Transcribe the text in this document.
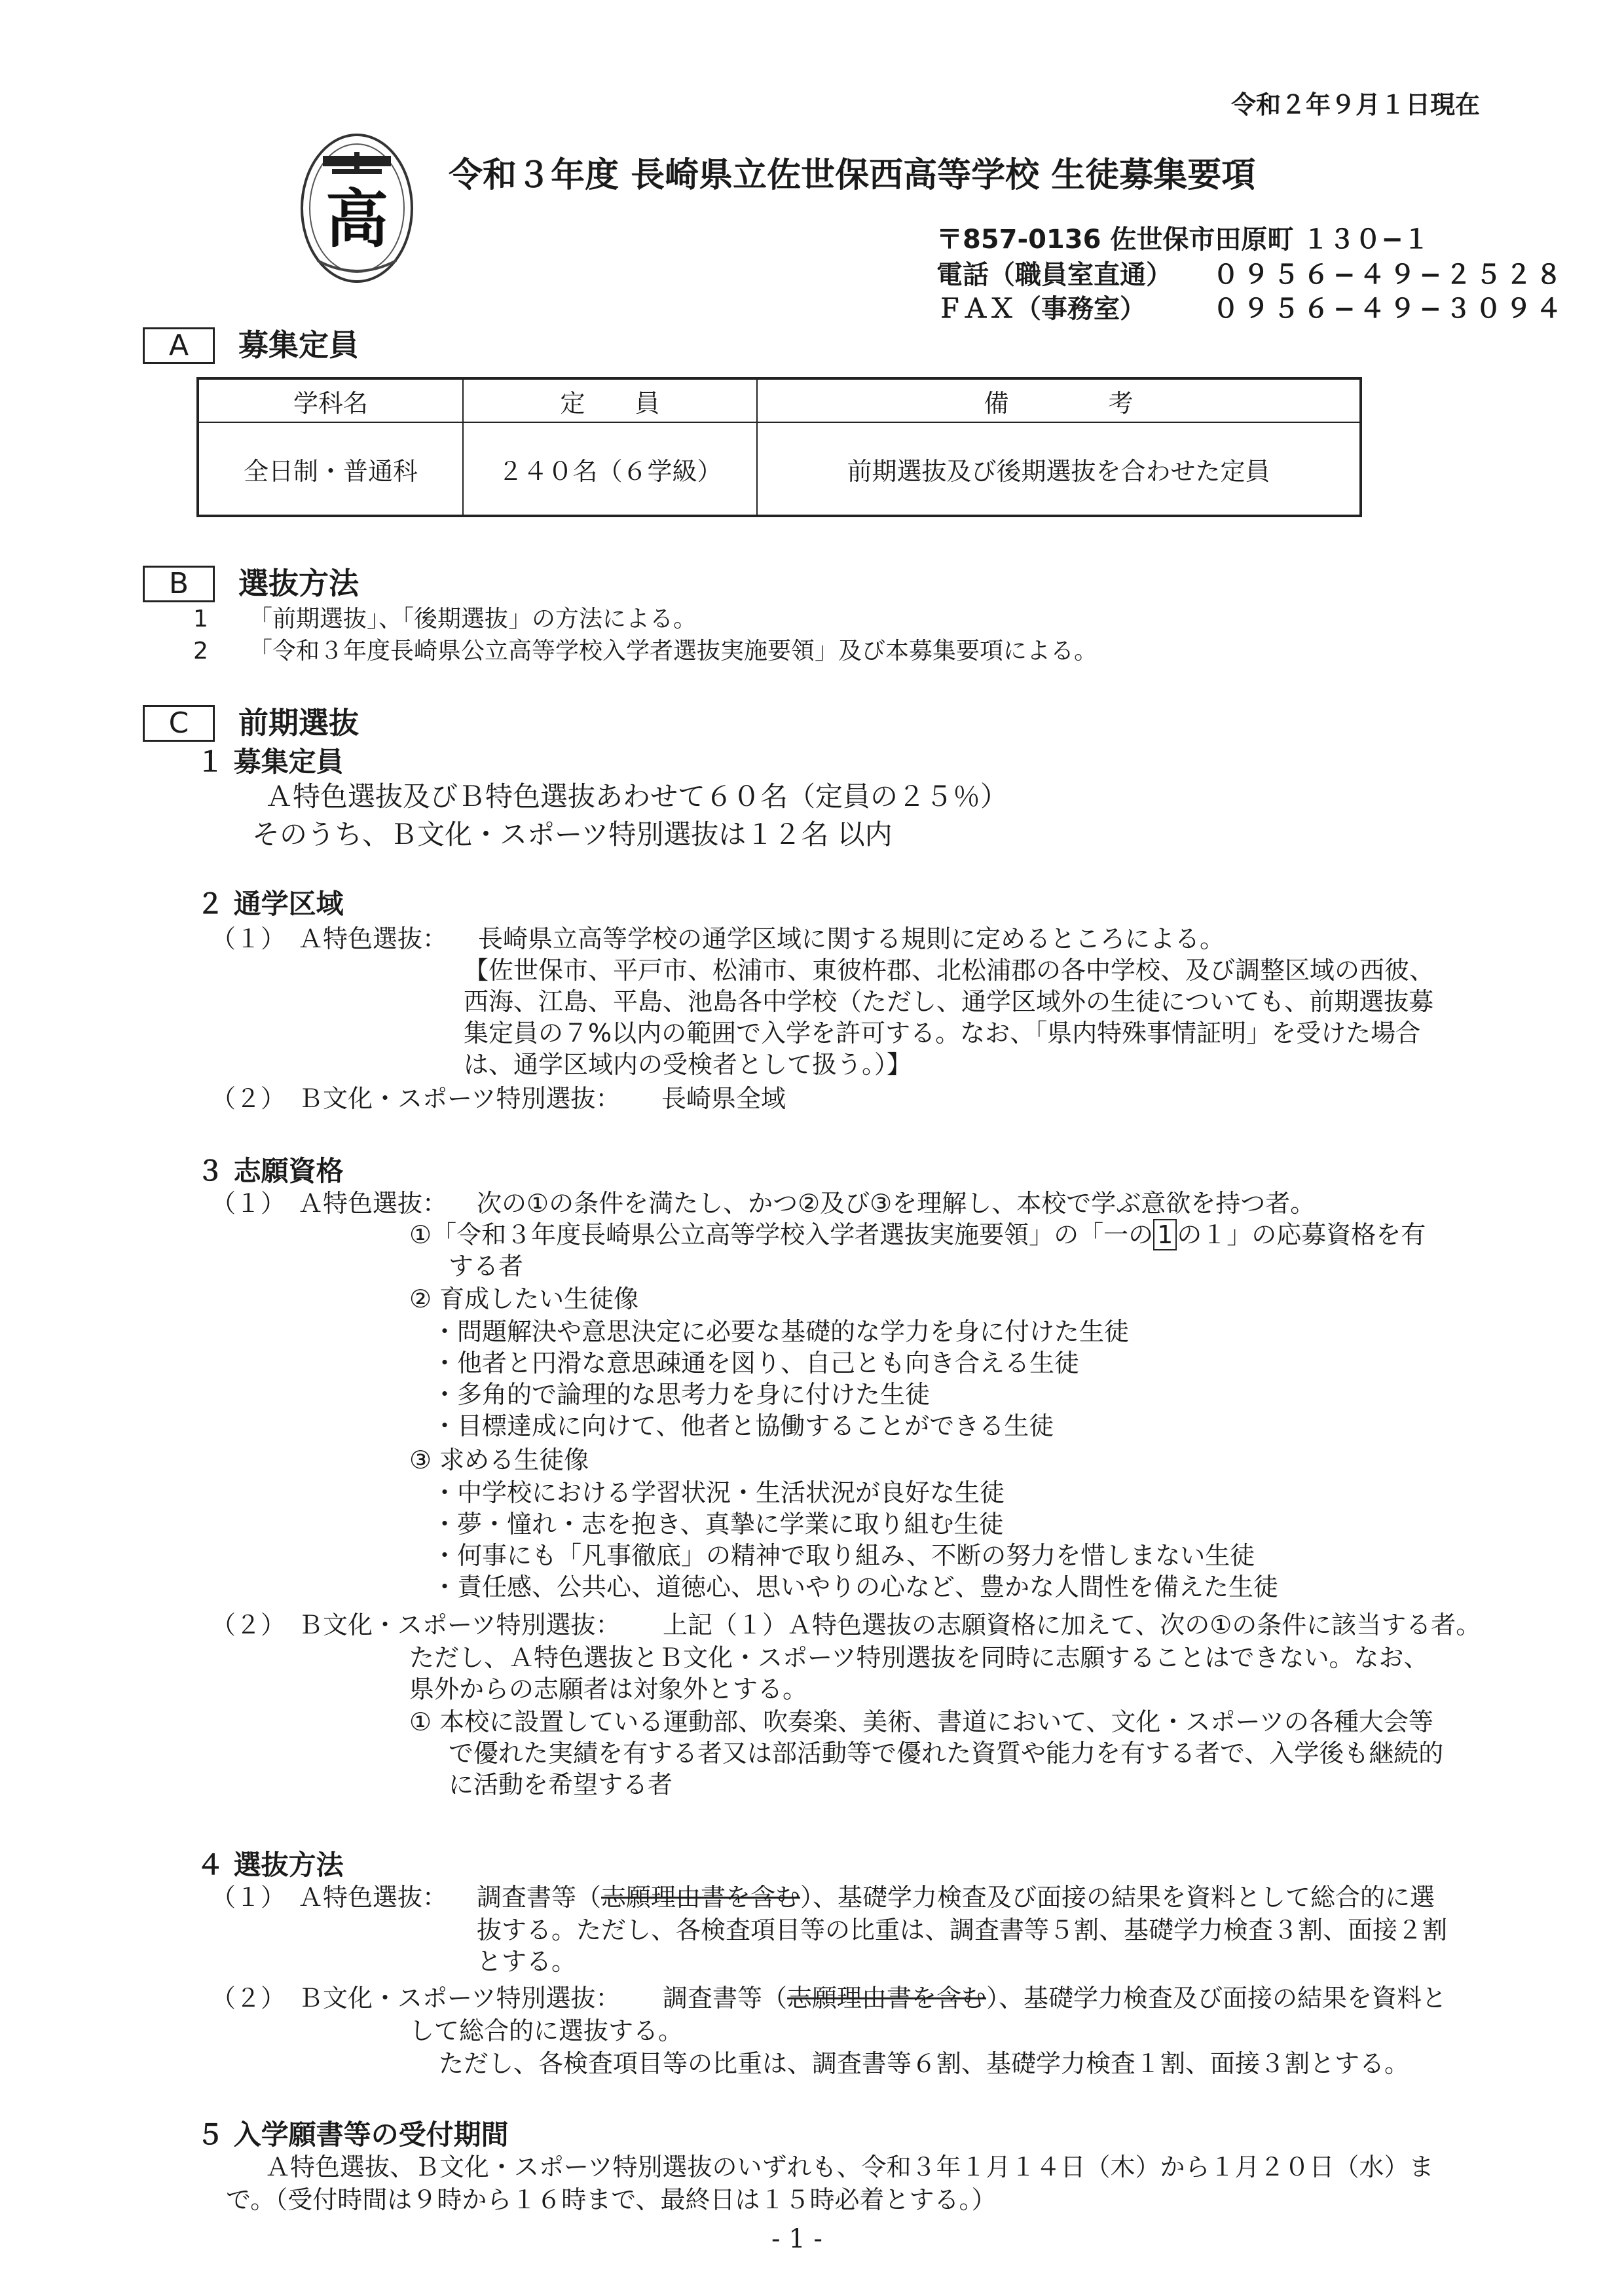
令和２年９月１日現在
高
令和３年度 長崎県立佐世保西高等学校 生徒募集要項
〒857-0136 佐世保市田原町 １３０−１
電話（職員室直通） ０９５６−４９−２５２８
ＦＡＸ（事務室）	０９５６−４９−３０９４
A	募集定員
学科名	定　　員	備　　　　考
全日制・普通科	２４０名（６学級）	前期選抜及び後期選抜を合わせた定員
B	選抜方法
1 「前期選抜」、「後期選抜」の方法による。
2 「令和３年度長崎県公立高等学校入学者選抜実施要領」及び本募集要項による。
C	前期選抜
１ 募集定員
Ａ特色選抜及びＢ特色選抜あわせて６０名（定員の２５％）
そのうち、Ｂ文化・スポーツ特別選抜は１２名 以内
２ 通学区域
（１）　Ａ特色選抜： 長崎県立高等学校の通学区域に関する規則に定めるところによる。
【佐世保市、平戸市、松浦市、東彼杵郡、北松浦郡の各中学校、及び調整区域の西彼、
西海、江島、平島、池島各中学校（ただし、通学区域外の生徒についても、前期選抜募
集定員の７%以内の範囲で入学を許可する。なお、「県内特殊事情証明」を受けた場合
は、通学区域内の受検者として扱う。）】
（２）　Ｂ文化・スポーツ特別選抜： 長崎県全域
３ 志願資格
（１）　Ａ特色選抜： 次の①の条件を満たし、かつ②及び③を理解し、本校で学ぶ意欲を持つ者。
①「令和３年度長崎県公立高等学校入学者選抜実施要領」の「一の 1 の１」の応募資格を有
する者
② 育成したい生徒像
・問題解決や意思決定に必要な基礎的な学力を身に付けた生徒
・他者と円滑な意思疎通を図り、自己とも向き合える生徒
・多角的で論理的な思考力を身に付けた生徒
・目標達成に向けて、他者と協働することができる生徒
③ 求める生徒像
・中学校における学習状況・生活状況が良好な生徒
・夢・憧れ・志を抱き、真摯に学業に取り組む生徒
・何事にも「凡事徹底」の精神で取り組み、不断の努力を惜しまない生徒
・責任感、公共心、道徳心、思いやりの心など、豊かな人間性を備えた生徒
（２）　Ｂ文化・スポーツ特別選抜： 上記（１）Ａ特色選抜の志願資格に加えて、次の①の条件に該当する者。
ただし、Ａ特色選抜とＢ文化・スポーツ特別選抜を同時に志願することはできない。なお、
県外からの志願者は対象外とする。
① 本校に設置している運動部、吹奏楽、美術、書道において、文化・スポーツの各種大会等
で優れた実績を有する者又は部活動等で優れた資質や能力を有する者で、入学後も継続的
に活動を希望する者
４ 選抜方法
（１）　Ａ特色選抜： 調査書等（志願理由書を含む）、基礎学力検査及び面接の結果を資料として総合的に選
抜する。ただし、各検査項目等の比重は、調査書等５割、基礎学力検査３割、面接２割
とする。
（２）　Ｂ文化・スポーツ特別選抜： 調査書等（志願理由書を含む）、基礎学力検査及び面接の結果を資料と
して総合的に選抜する。
ただし、各検査項目等の比重は、調査書等６割、基礎学力検査１割、面接３割とする。
５ 入学願書等の受付期間
Ａ特色選抜、Ｂ文化・スポーツ特別選抜のいずれも、令和３年１月１４日（木）から１月２０日（水）ま
で。（受付時間は９時から１６時まで、最終日は１５時必着とする。）
- 1 -
